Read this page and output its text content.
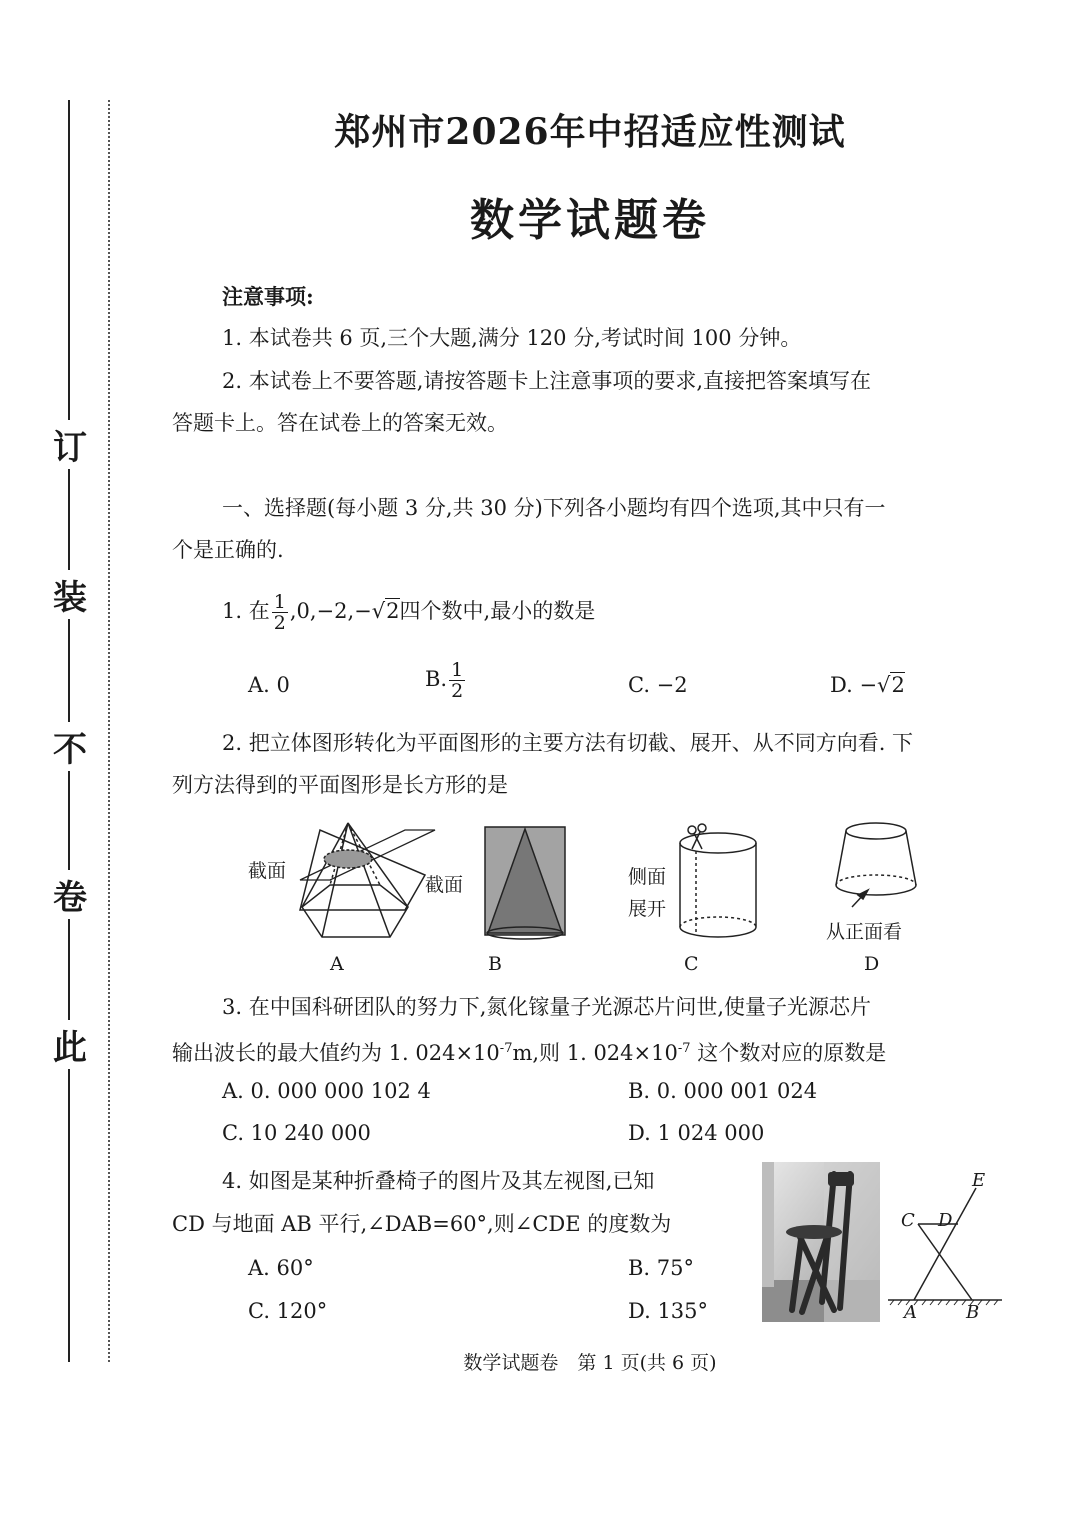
订
装
不
卷
此
郑州市2026年中招适应性测试
数学试题卷
注意事项:
1. 本试卷共 6 页,三个大题,满分 120 分,考试时间 100 分钟。
2. 本试卷上不要答题,请按答题卡上注意事项的要求,直接把答案填写在
答题卡上。答在试卷上的答案无效。
一、选择题(每小题 3 分,共 30 分)下列各小题均有四个选项,其中只有一
个是正确的.
1. 在 $\frac{1}{2} ,0,-2,-√2$四个数中,最小的数是
A. 0	B. $\frac{1}{2}$	C. −2	D. −√2
2. 把立体图形转化为平面图形的主要方法有切截、展开、从不同方向看. 下
列方法得到的平面图形是长方形的是
截面
截面	侧面
展开
从正面看
A	B	C	D
3. 在中国科研团队的努力下,氮化镓量子光源芯片问世,使量子光源芯片
输出波长的最大值约为 1. $024\times 10^{-7}m$,则 1. $024\times 10^{-7}$ 这个数对应的原数是
A. 0. 000 000 102 4	B. 0. 000 001 024
C. 10 240 000	D. 1 024 000
4. 如图是某种折叠椅子的图片及其左视图,已知
CD 与地面 AB 平行,∠DAB=60°,则∠CDE 的度数为
A. 60°	B. 75°
C. 120°	D. 135°
E
C D
A	B
数学试题卷　第 1 页(共 6 页)
